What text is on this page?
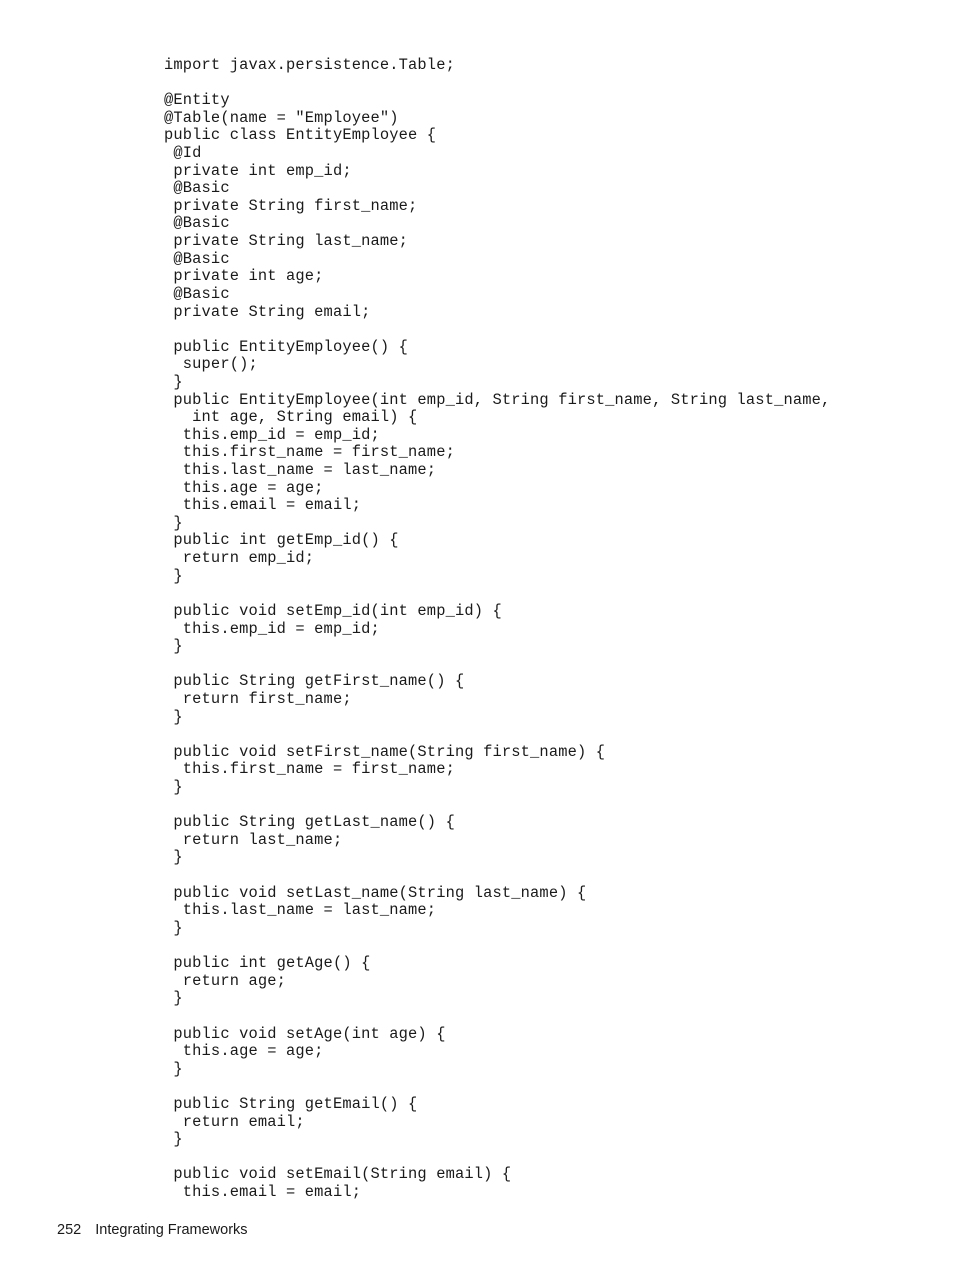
import javax.persistence.Table;
@Entity
@Table(name = "Employee")
public class EntityEmployee {
@Id
private int emp_id;
@Basic
private String first_name;
@Basic
private String last_name;
@Basic
private int age;
@Basic
private String email;
public EntityEmployee() {
super();
}
public EntityEmployee(int emp_id, String first_name, String last_name,
int age, String email) {
this.emp_id = emp_id;
this.first_name = first_name;
this.last_name = last_name;
this.age = age;
this.email = email;
}
public int getEmp_id() {
return emp_id;
}
public void setEmp_id(int emp_id) {
this.emp_id = emp_id;
}
public String getFirst_name() {
return first_name;
}
public void setFirst_name(String first_name) {
this.first_name = first_name;
}
public String getLast_name() {
return last_name;
}
public void setLast_name(String last_name) {
this.last_name = last_name;
}
public int getAge() {
return age;
}
public void setAge(int age) {
this.age = age;
}
public String getEmail() {
return email;
}
public void setEmail(String email) {
this.email = email;
252 Integrating Frameworks
